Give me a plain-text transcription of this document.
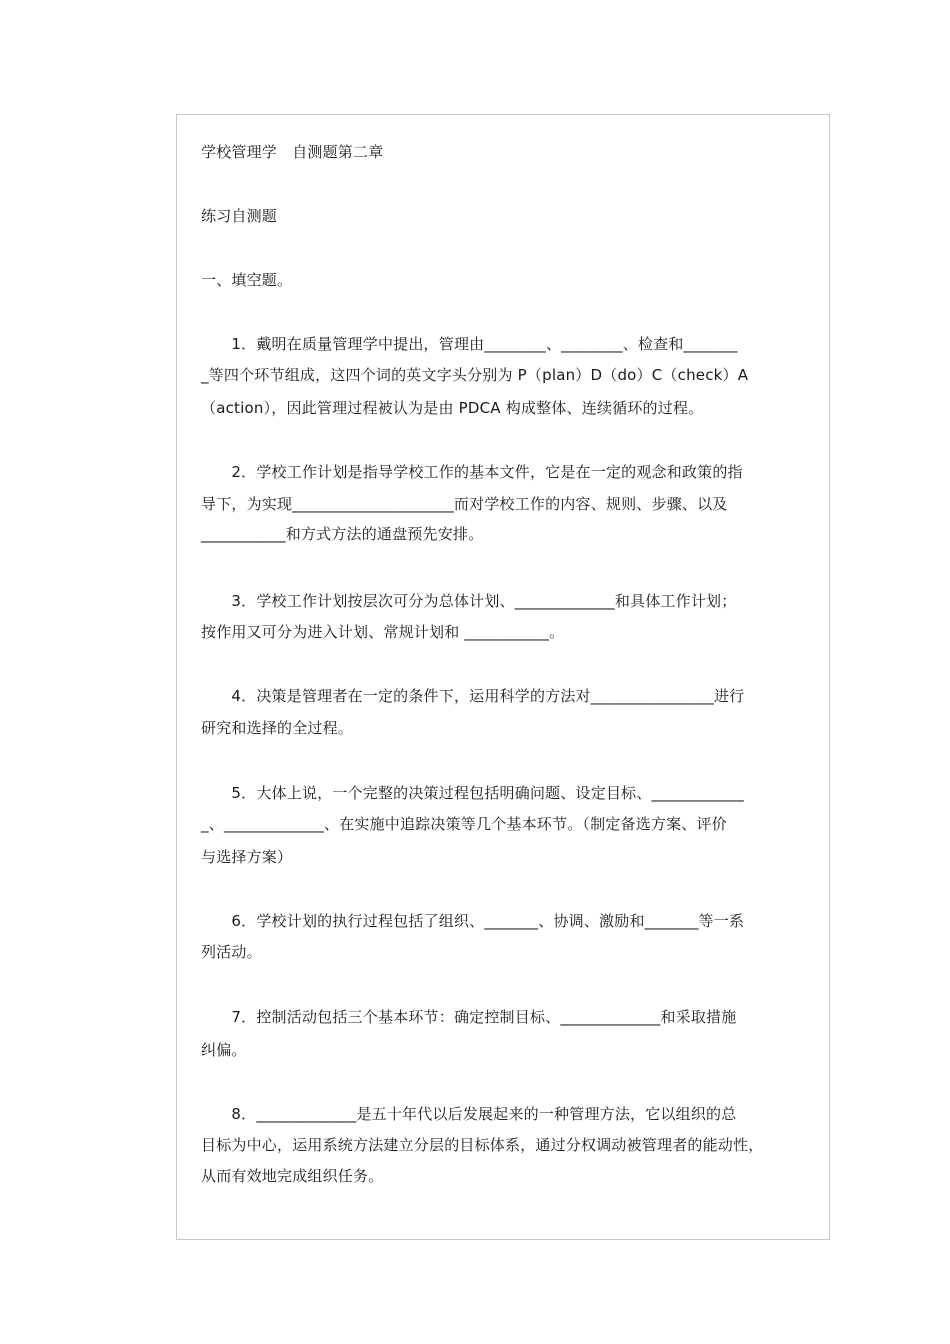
学校管理学　自测题第二章
练习自测题
一、填空题。
　　1．戴明在质量管理学中提出，管理由________、________、检查和_______
_等四个环节组成，这四个词的英文字头分别为 P（plan）D（do）C（check）A
（action），因此管理过程被认为是由 PDCA 构成整体、连续循环的过程。
　　2．学校工作计划是指导学校工作的基本文件，它是在一定的观念和政策的指
导下，为实现_____________________而对学校工作的内容、规则、步骤、以及
___________和方式方法的通盘预先安排。
　　3．学校工作计划按层次可分为总体计划、_____________和具体工作计划；
按作用又可分为进入计划、常规计划和 ___________。
　　4．决策是管理者在一定的条件下，运用科学的方法对________________进行
研究和选择的全过程。
　　5．大体上说，一个完整的决策过程包括明确问题、设定目标、____________
_、_____________、在实施中追踪决策等几个基本环节。（制定备选方案、评价
与选择方案）
　　6．学校计划的执行过程包括了组织、_______、协调、激励和_______等一系
列活动。
　　7．控制活动包括三个基本环节：确定控制目标、_____________和采取措施
纠偏。
　　8．_____________是五十年代以后发展起来的一种管理方法，它以组织的总
目标为中心，运用系统方法建立分层的目标体系，通过分权调动被管理者的能动性，
从而有效地完成组织任务。
